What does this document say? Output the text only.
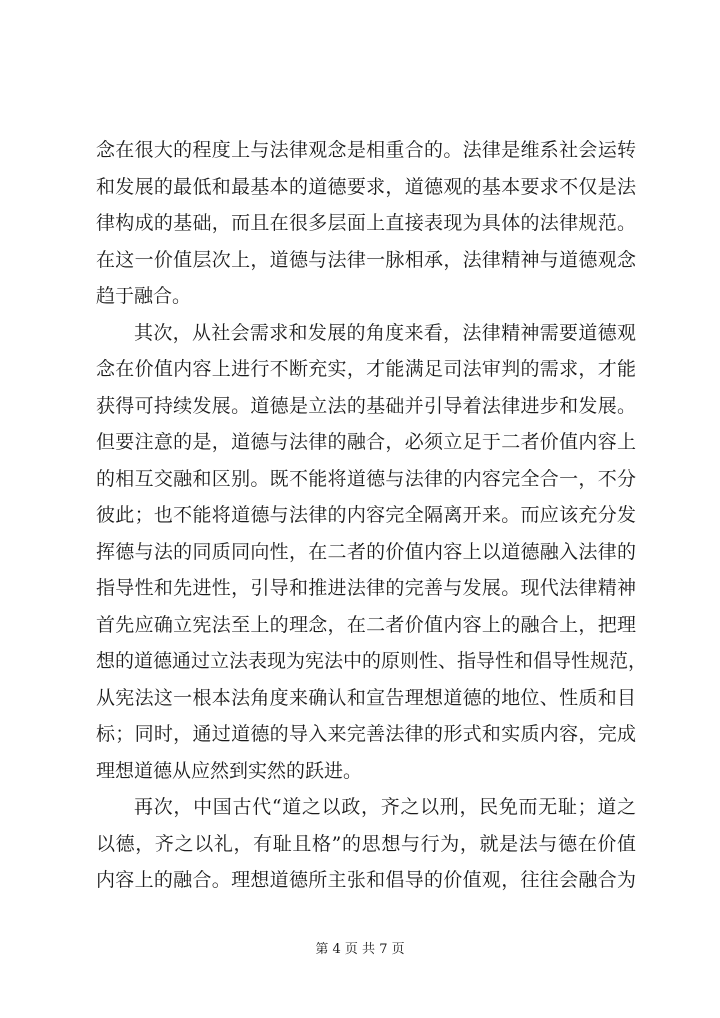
念在很大的程度上与法律观念是相重合的。法律是维系社会运转
和发展的最低和最基本的道德要求，道德观的基本要求不仅是法
律构成的基础，而且在很多层面上直接表现为具体的法律规范。
在这一价值层次上，道德与法律一脉相承，法律精神与道德观念
趋于融合。
其次，从社会需求和发展的角度来看，法律精神需要道德观
念在价值内容上进行不断充实，才能满足司法审判的需求，才能
获得可持续发展。道德是立法的基础并引导着法律进步和发展。
但要注意的是，道德与法律的融合，必须立足于二者价值内容上
的相互交融和区别。既不能将道德与法律的内容完全合一，不分
彼此；也不能将道德与法律的内容完全隔离开来。而应该充分发
挥德与法的同质同向性，在二者的价值内容上以道德融入法律的
指导性和先进性，引导和推进法律的完善与发展。现代法律精神
首先应确立宪法至上的理念，在二者价值内容上的融合上，把理
想的道德通过立法表现为宪法中的原则性、指导性和倡导性规范，
从宪法这一根本法角度来确认和宣告理想道德的地位、性质和目
标；同时，通过道德的导入来完善法律的形式和实质内容，完成
理想道德从应然到实然的跃进。
再次，中国古代“道之以政，齐之以刑，民免而无耻；道之
以德，齐之以礼，有耻且格”的思想与行为，就是法与德在价值
内容上的融合。理想道德所主张和倡导的价值观，往往会融合为
第 4 页 共 7 页
